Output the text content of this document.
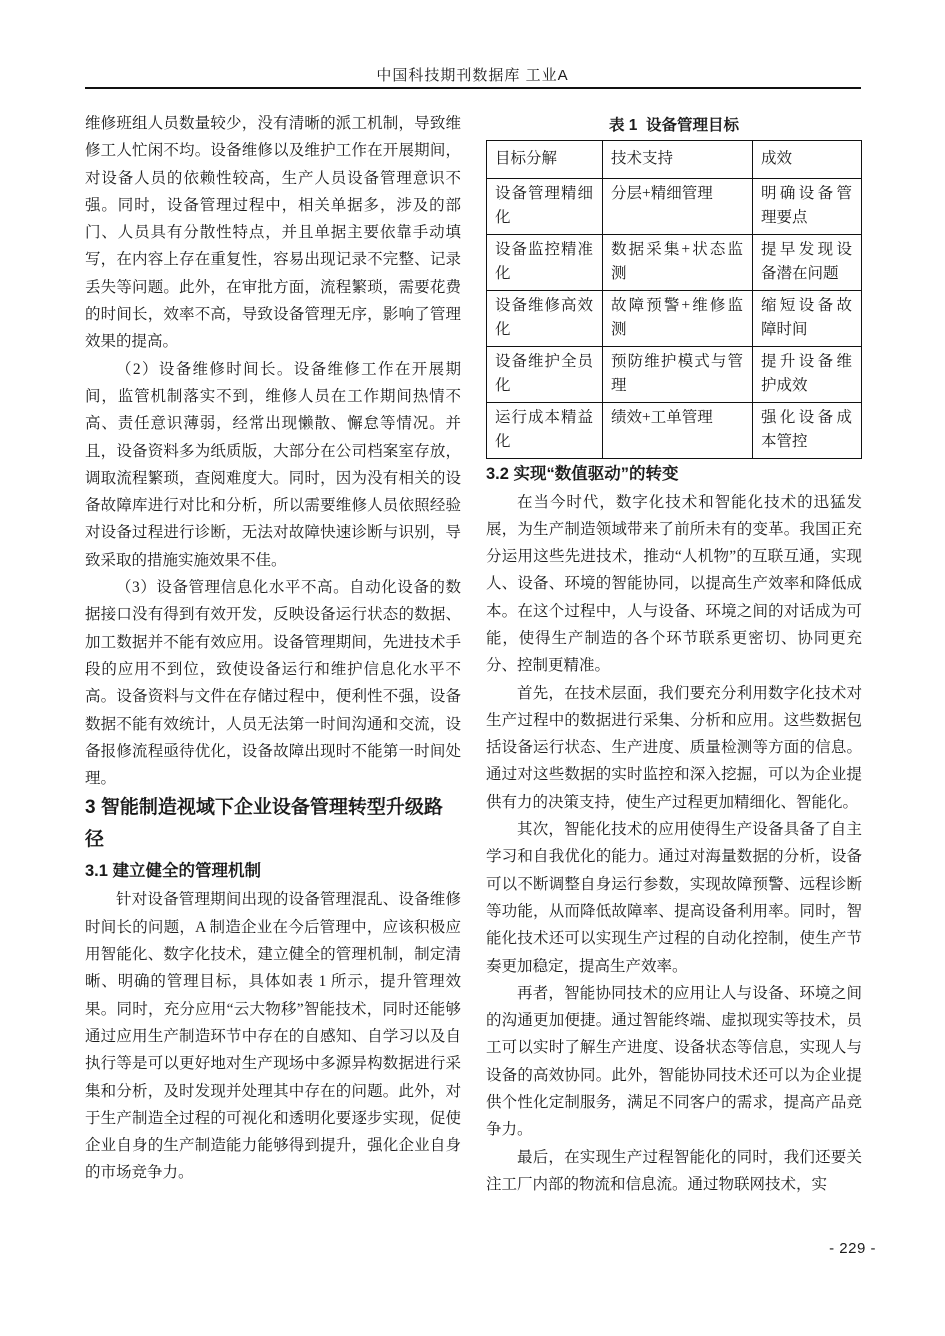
中国科技期刊数据库 工业A

维修班组人员数量较少，没有清晰的派工机制，导致维修工人忙闲不均。设备维修以及维护工作在开展期间，对设备人员的依赖性较高，生产人员设备管理意识不强。同时，设备管理过程中，相关单据多，涉及的部门、人员具有分散性特点，并且单据主要依靠手动填写，在内容上存在重复性，容易出现记录不完整、记录丢失等问题。此外，在审批方面，流程繁琐，需要花费的时间长，效率不高，导致设备管理无序，影响了管理效果的提高。

（2）设备维修时间长。设备维修工作在开展期间，监管机制落实不到，维修人员在工作期间热情不高、责任意识薄弱，经常出现懒散、懈怠等情况。并且，设备资料多为纸质版，大部分在公司档案室存放，调取流程繁琐，查阅难度大。同时，因为没有相关的设备故障库进行对比和分析，所以需要维修人员依照经验对设备过程进行诊断，无法对故障快速诊断与识别，导致采取的措施实施效果不佳。

（3）设备管理信息化水平不高。自动化设备的数据接口没有得到有效开发，反映设备运行状态的数据、加工数据并不能有效应用。设备管理期间，先进技术手段的应用不到位，致使设备运行和维护信息化水平不高。设备资料与文件在存储过程中，便利性不强，设备数据不能有效统计，人员无法第一时间沟通和交流，设备报修流程亟待优化，设备故障出现时不能第一时间处理。

3 智能制造视域下企业设备管理转型升级路径

3.1 建立健全的管理机制

针对设备管理期间出现的设备管理混乱、设备维修时间长的问题，A 制造企业在今后管理中，应该积极应用智能化、数字化技术，建立健全的管理机制，制定清晰、明确的管理目标，具体如表 1 所示，提升管理效果。同时，充分应用“云大物移”智能技术，同时还能够通过应用生产制造环节中存在的自感知、自学习以及自执行等是可以更好地对生产现场中多源异构数据进行采集和分析，及时发现并处理其中存在的问题。此外，对于生产制造全过程的可视化和透明化要逐步实现，促使企业自身的生产制造能力能够得到提升，强化企业自身的市场竞争力。

表 1  设备管理目标
目标分解	技术支持	成效
设备管理精细化	分层+精细管理	明确设备管理要点
设备监控精准化	数据采集+状态监测	提早发现设备潜在问题
设备维修高效化	故障预警+维修监测	缩短设备故障时间
设备维护全员化	预防维护模式与管理	提升设备维护成效
运行成本精益化	绩效+工单管理	强化设备成本管控

3.2 实现“数值驱动”的转变

在当今时代，数字化技术和智能化技术的迅猛发展，为生产制造领域带来了前所未有的变革。我国正充分运用这些先进技术，推动“人机物”的互联互通，实现人、设备、环境的智能协同，以提高生产效率和降低成本。在这个过程中，人与设备、环境之间的对话成为可能，使得生产制造的各个环节联系更密切、协同更充分、控制更精准。

首先，在技术层面，我们要充分利用数字化技术对生产过程中的数据进行采集、分析和应用。这些数据包括设备运行状态、生产进度、质量检测等方面的信息。通过对这些数据的实时监控和深入挖掘，可以为企业提供有力的决策支持，使生产过程更加精细化、智能化。

其次，智能化技术的应用使得生产设备具备了自主学习和自我优化的能力。通过对海量数据的分析，设备可以不断调整自身运行参数，实现故障预警、远程诊断等功能，从而降低故障率、提高设备利用率。同时，智能化技术还可以实现生产过程的自动化控制，使生产节奏更加稳定，提高生产效率。

再者，智能协同技术的应用让人与设备、环境之间的沟通更加便捷。通过智能终端、虚拟现实等技术，员工可以实时了解生产进度、设备状态等信息，实现人与设备的高效协同。此外，智能协同技术还可以为企业提供个性化定制服务，满足不同客户的需求，提高产品竞争力。

最后，在实现生产过程智能化的同时，我们还要关注工厂内部的物流和信息流。通过物联网技术，实

- 229 -
